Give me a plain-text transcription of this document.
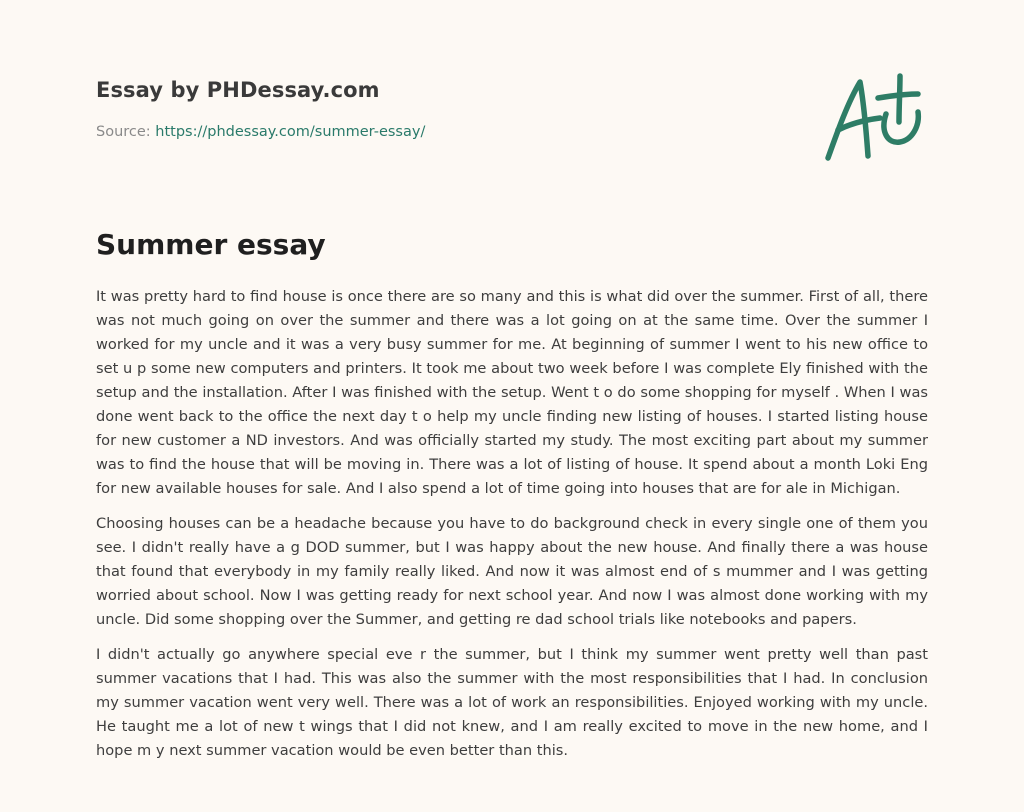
Essay by PHDessay.com
Source: https://phdessay.com/summer-essay/
Summer essay

It was pretty hard to find house is once there are so many and this is what did over the summer. First of all, there was not much going on over the summer and there was a lot going on at the same time. Over the summer I worked for my uncle and it was a very busy summer for me. At beginning of summer I went to his new office to set u p some new computers and printers. It took me about two week before I was complete Ely finished with the setup and the installation. After I was finished with the setup. Went t o do some shopping for myself . When I was done went back to the office the next day t o help my uncle finding new listing of houses. I started listing house for new customer a ND investors. And was officially started my study. The most exciting part about my summer was to find the house that will be moving in. There was a lot of listing of house. It spend about a month Loki Eng for new available houses for sale. And I also spend a lot of time going into houses that are for ale in Michigan.

Choosing houses can be a headache because you have to do background check in every single one of them you see. I didn't really have a g DOD summer, but I was happy about the new house. And finally there a was house that found that everybody in my family really liked. And now it was almost end of s mummer and I was getting worried about school. Now I was getting ready for next school year. And now I was almost done working with my uncle. Did some shopping over the Summer, and getting re dad school trials like notebooks and papers.

I didn't actually go anywhere special eve r the summer, but I think my summer went pretty well than past summer vacations that I had. This was also the summer with the most responsibilities that I had. In conclusion my summer vacation went very well. There was a lot of work an responsibilities. Enjoyed working with my uncle. He taught me a lot of new t wings that I did not knew, and I am really excited to move in the new home, and I hope m y next summer vacation would be even better than this.
